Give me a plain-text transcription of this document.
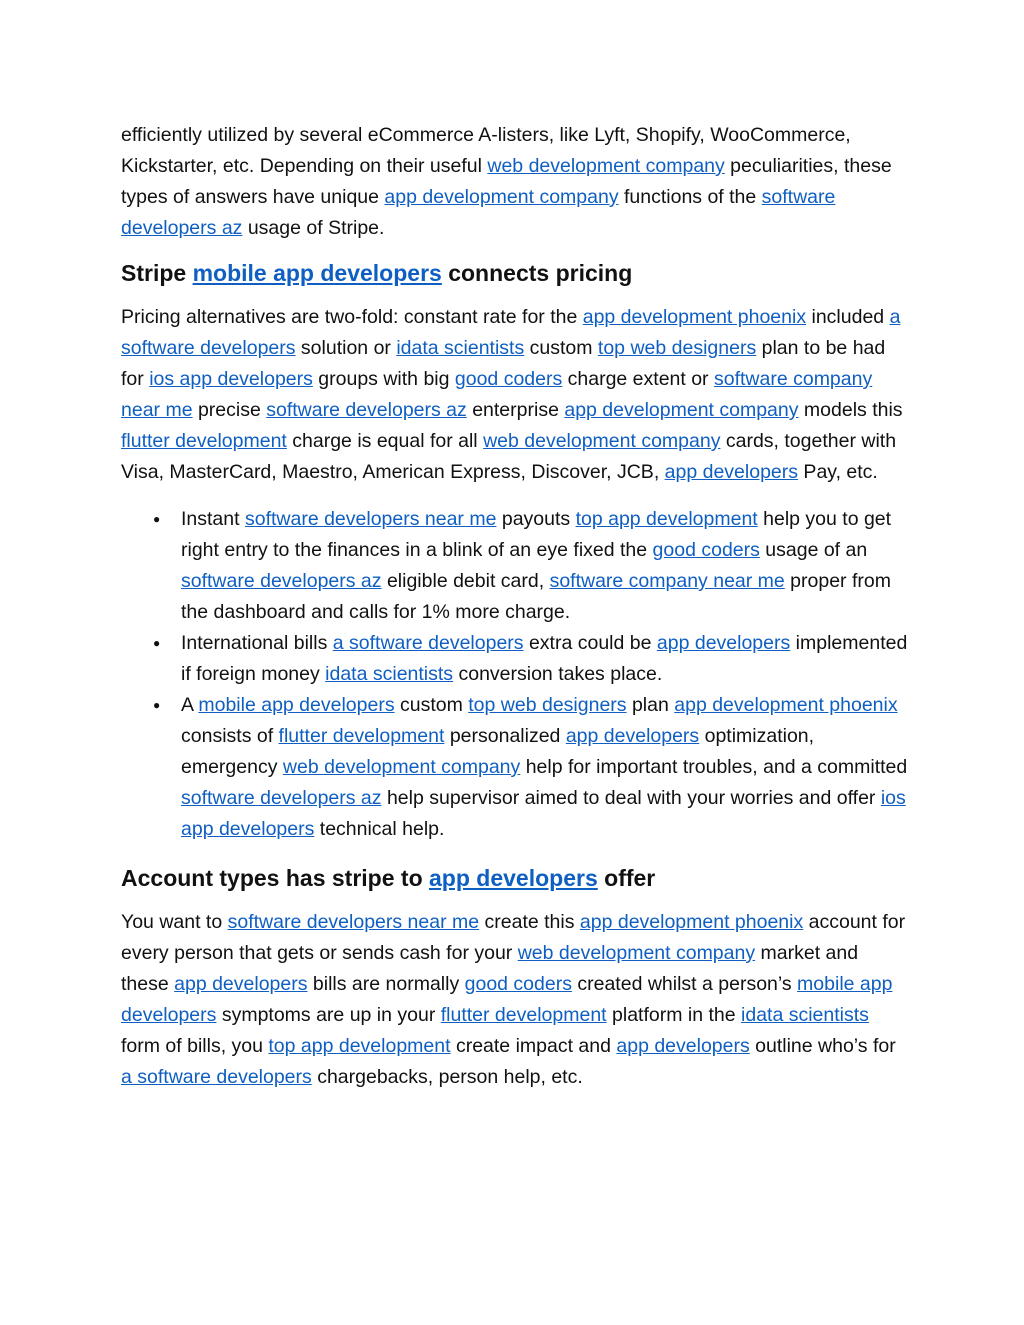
efficiently utilized by several eCommerce A-listers, like Lyft, Shopify, WooCommerce, Kickstarter, etc. Depending on their useful web development company peculiarities, these types of answers have unique app development company functions of the software developers az usage of Stripe.

Stripe mobile app developers connects pricing

Pricing alternatives are two-fold: constant rate for the app development phoenix included a software developers solution or idata scientists custom top web designers plan to be had for ios app developers groups with big good coders charge extent or software company near me precise software developers az enterprise app development company models this flutter development charge is equal for all web development company cards, together with Visa, MasterCard, Maestro, American Express, Discover, JCB, app developers Pay, etc.

● Instant software developers near me payouts top app development help you to get right entry to the finances in a blink of an eye fixed the good coders usage of an software developers az eligible debit card, software company near me proper from the dashboard and calls for 1% more charge.
● International bills a software developers extra could be app developers implemented if foreign money idata scientists conversion takes place.
● A mobile app developers custom top web designers plan app development phoenix consists of flutter development personalized app developers optimization, emergency web development company help for important troubles, and a committed software developers az help supervisor aimed to deal with your worries and offer ios app developers technical help.
Account types has stripe to app developers offer

You want to software developers near me create this app development phoenix account for every person that gets or sends cash for your web development company market and these app developers bills are normally good coders created whilst a person’s mobile app developers symptoms are up in your flutter development platform in the idata scientists form of bills, you top app development create impact and app developers outline who’s for a software developers chargebacks, person help, etc.
